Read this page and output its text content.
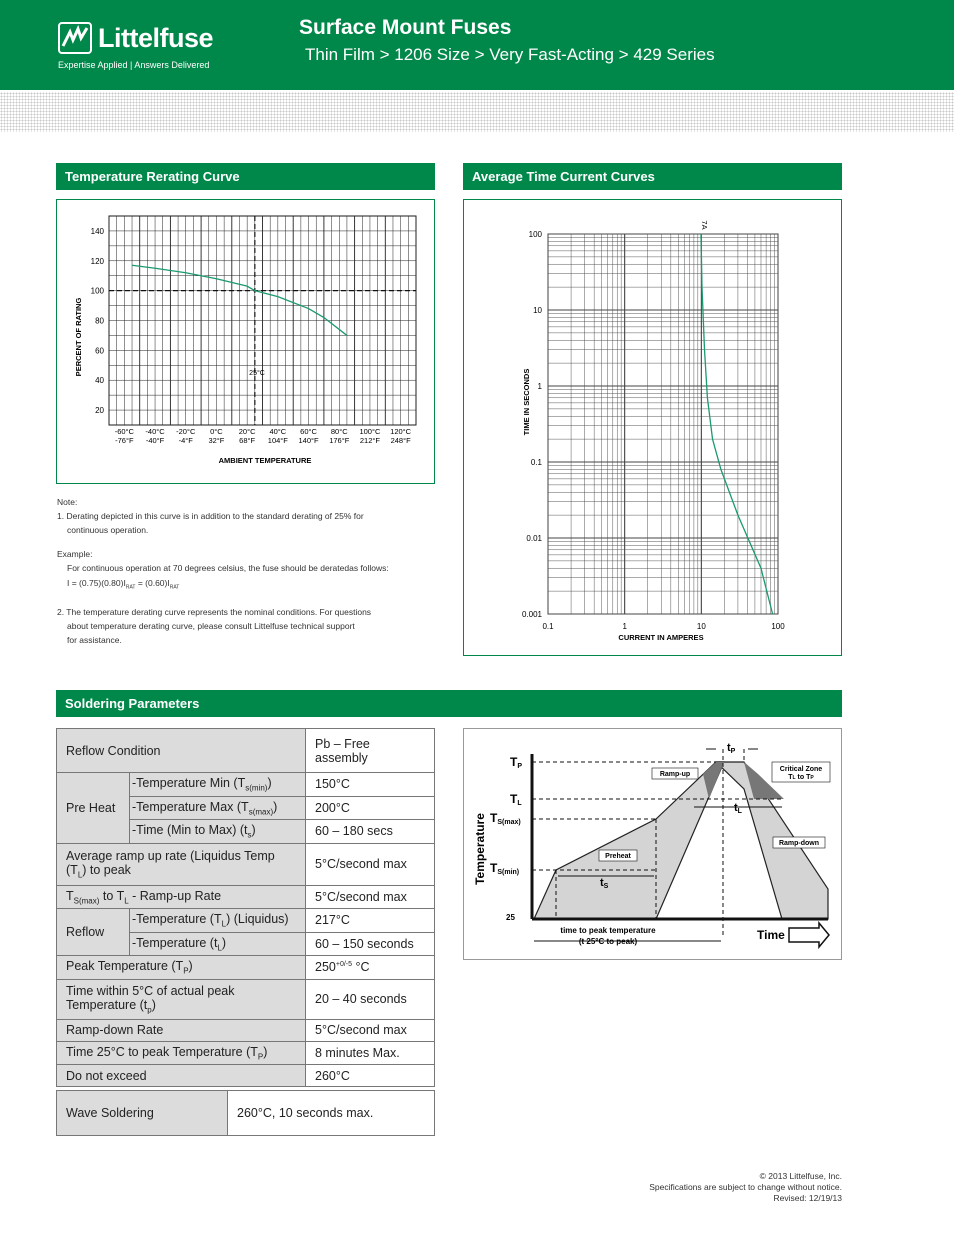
Littelfuse
Expertise Applied | Answers Delivered
Surface Mount Fuses
Thin Film > 1206 Size > Very Fast-Acting > 429 Series
Temperature Rerating Curve	Average Time Current Curves
Soldering Parameters
20
40
60
80
100
120
140
-60°C
-76°F
-40°C
-40°F
-20°C
-4°F
0°C
32°F
20°C
68°F
40°C
104°F
60°C
140°F
80°C
176°F
100°C
212°F
120°C
248°F
PERCENT OF RATING
AMBIENT TEMPERATURE
25°C

Note:

1. Derating depicted in this curve is in addition to the standard derating of 25% for

continuous operation.

Example:

For continuous operation at 70 degrees celsius, the fuse should be deratedas follows:

$I = (0.75)(0.80)I_{RAT} = (0.60)I_{RAT}$

2. The temperature derating curve represents the nominal conditions. For questions

about temperature derating curve, please consult Littelfuse technical support

for assistance.

0.001
0.01
0.1
1
10
100
0.1	1	10	100
TIME IN SECONDS
CURRENT IN AMPERES
7A
Reflow Condition		Pb – Free assembly
Pre Heat	-Temperature Min $(T_{s(min)})$	150°C
	-Temperature Max $(T_{s(max)})$	200°C
	-Time (Min to Max) $(t_s)$	60 – 180 secs
Average ramp up rate (Liquidus Temp $(T_L)$ to peak		5°C/second max
$T_{S(max)}$ to $T_L$ - Ramp-up Rate		5°C/second max
Reflow	-Temperature $(T_L)$ (Liquidus)	217°C
	-Temperature $(t_L)$	60 – 150 seconds
Peak Temperature $(T_P)$		$250^{+0/-5}$ °C
Time within 5°C of actual peak Temperature $(t_p)$		20 – 40 seconds
Ramp-down Rate		5°C/second max
Time 25°C to peak Temperature $(T_P)$		8 minutes Max.
Do not exceed		260°C
Wave Soldering	260°C, 10 seconds max.
TP
TL
TS(max)
TS(min)
25
Temperature
Time
tP
tL
tS
Ramp-up
Preheat
Ramp-down
Critical Zone
TL to TP
time to peak temperature
(t 25°C to peak)
© 2013 Littelfuse, Inc.
Specifications are subject to change without notice.
Revised: 12/19/13
